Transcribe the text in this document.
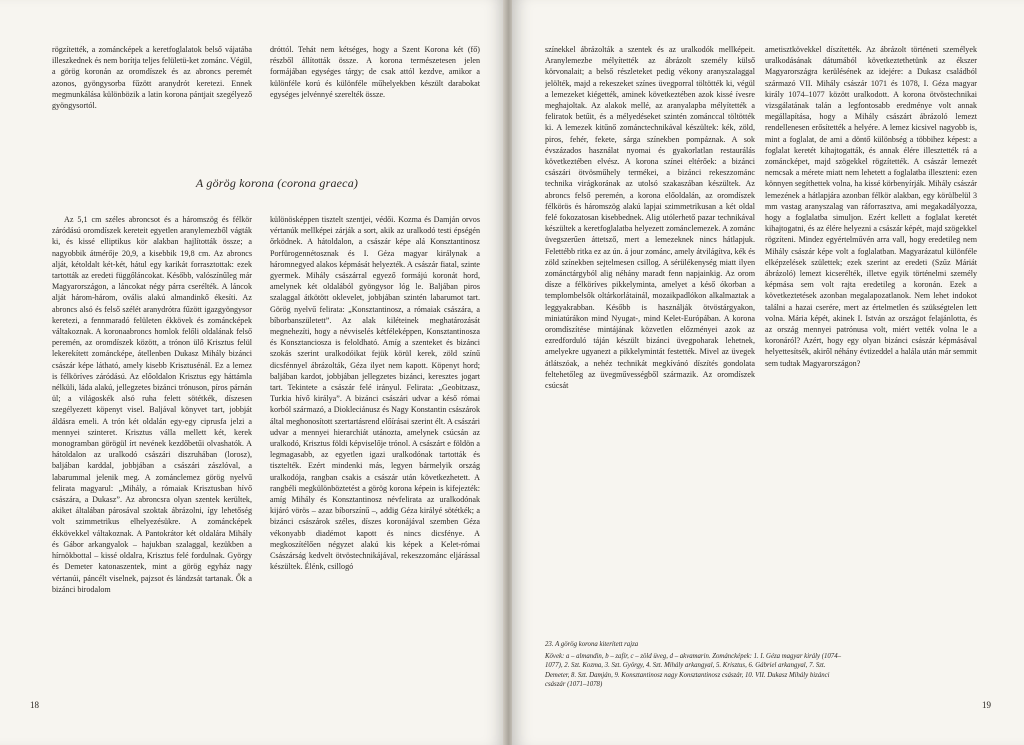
rögzítették, a zománcképek a keretfoglalatok belső vájatába illeszkednek és nem borítja teljes felületü-ket zománc. Végül, a görög koronán az oromdíszek és az abroncs peremét azonos, gyöngysorba fűzött aranydrót keretezi. Ennek megmunkálása különbözik a latin korona pántjait szegélyező gyöngysortól.

dróttól. Tehát nem kétséges, hogy a Szent Korona két (fő) részből állították össze. A korona természetesen jelen formájában egységes tárgy; de csak attól kezdve, amikor a különféle korú és különféle műhelyekben készült darabokat egységes jelvénnyé szerelték össze.

A görög korona (corona graeca)

Az 5,1 cm széles abroncsot és a háromszög és félkör záródású oromdíszek kereteit egyetlen aranylemezből vágták ki, és kissé elliptikus kör alakban hajlították össze; a nagyobbik átmérője 20,9, a kisebbik 19,8 cm. Az abroncs alját, kétoldalt két-két, hátul egy karikát forrasztottak: ezek tartották az eredeti függőláncokat. Később, valószínűleg már Magyarországon, a láncokat négy párra cserélték. A láncok alját három-három, ovális alakú almandinkő ékesíti. Az abroncs alsó és felső szélét aranydrótra fűzött igazgyöngysor keretezi, a fennmaradó felületen ékkövek és zománcképek váltakoznak. A koronaabroncs homlok felőli oldalának felső peremén, az oromdíszek között, a trónon ülő Krisztus felül lekerekített zománcképe, átellenben Dukasz Mihály bizánci császár képe látható, amely kisebb Krisztusénál. Ez a lemez is félköríves záródású. Az előoldalon Krisztus egy háttámla nélküli, láda alakú, jellegzetes bizánci trónuson, píros párnán ül; a világoskék alsó ruha felett sötétkék, díszesen szegélyezett köpenyt visel. Baljával könyvet tart, jobbját áldásra emeli. A trón két oldalán egy-egy ciprusfa jelzi a mennyei szinteret. Krisztus válla mellett két, kerek monogramban görögül írt nevének kezdőbetűi olvashatók. A hátoldalon az uralkodó császári diszruhában (lorosz), baljában karddal, jobbjában a császári zászlóval, a labarummal jelenik meg. A zománclemez görög nyelvű felirata magyarul: „Mihály, a rómaiak Krisztusban hívő császára, a Dukasz”. Az abroncsra olyan szentek kerültek, akiket általában párosával szoktak ábrázolni, így lehetőség volt szimmetrikus elhelyezésükre. A zománcképek ékkövekkel váltakoznak. A Pantokrátor két oldalára Mihály és Gábor arkangyalok – hajukban szalaggal, kezükben a hírnökbottal – kissé oldalra, Krisztus felé fordulnak. György és Demeter katonaszentek, mint a görög egyház nagy vértanúi, páncélt viselnek, pajzsot és lándzsát tartanak. Ők a bizánci birodalom

különösképpen tisztelt szentjei, védői. Kozma és Damján orvos vértanúk mellképei zárják a sort, akik az uralkodó testi épségén őrködnek. A hátoldalon, a császár képe alá Konsztantinosz Porfürogennétosznak és I. Géza magyar királynak a háromnegyed alakos képmását helyezték. A császár fiatal, szinte gyermek. Mihály császárral egyező formájú koronát hord, amelynek két oldalából gyöngysor lóg le. Baljában piros szalaggal átkötött oklevelet, jobbjában szintén labarumot tart. Görög nyelvű felirata: „Konsztantinosz, a rómaiak császára, a bíborbanszületett”. Az alak kiléteinek meghatározását megnehezíti, hogy a névviselés kétféleképpen, Konsztantinosza és Konsztanciosza is feloldható. Amíg a szenteket és bizánci szokás szerint uralkodóikat fejük körül kerek, zöld színű dicsfénnyel ábrázolták, Géza ilyet nem kapott. Köpenyt hord; baljában kardot, jobbjában jellegzetes bizánci, keresztes jogart tart. Tekintete a császár felé irányul. Felirata: „Geobitzasz, Turkia hívő királya”. A bizánci császári udvar a késő római korból származó, a Diokleciánusz és Nagy Konstantin császárok által meghonosított szertartásrend előírásai szerint élt. A császári udvar a mennyei hierarchiát utánozta, amelynek csúcsán az uralkodó, Krisztus földi képviselője trónol. A császárt e földön a legmagasabb, az egyetlen igazi uralkodónak tartották és tisztelték. Ezért mindenki más, legyen bármelyik ország uralkodója, rangban csakis a császár után következhetett. A rangbéli megkülönböztetést a görög korona képein is kifejezték: amíg Mihály és Konsztantinosz névfelirata az uralkodónak kijáró vörös – azaz bíborszínű –, addig Géza királyé sötétkék; a bizánci császárok széles, díszes koronájával szemben Géza vékonyabb diadémot kapott és nincs dicsfénye. A megkoszítélően négyzet alakú kis képek a Kelet-római Császárság kedvelt ötvöstechnikájával, rekeszzománc eljárással készültek. Élénk, csillogó

18

színekkel ábrázolták a szentek és az uralkodók mellképeit. Aranylemezbe mélyítették az ábrázolt személy külső körvonalait; a belső részleteket pedig vékony aranyszalaggal jelölték, majd a rekeszeket színes üvegporral töltötték ki, végül a lemezeket kiégették, aminek következtében azok kissé ívesre meghajoltak. Az alakok mellé, az aranyalapba mélyítették a feliratok betűit, és a mélyedéseket szintén zománccal töltötték ki. A lemezek kitűnő zománctechnikával készültek: kék, zöld, piros, fehér, fekete, sárga színekben pompáznak. A sok évszázados használat nyomai és gyakorlatlan restaurálás következtében elvész. A korona színei eltérőek: a bizánci császári ötvösműhely termékei, a bizánci rekeszzománc technika virágkorának az utolsó szakaszában készültek. Az abroncs felső peremén, a korona előoldalán, az oromdíszek félkörös és háromszög alakú lapjai szimmetrikusan a két oldal felé fokozatosan kisebbednek. Alig utólerhető pazar technikával készültek a keretfoglalatba helyezett zománclemezek. A zománc üvegszerűen áttetsző, mert a lemezeknek nincs hátlapjuk. Felettébb ritka ez az ún. á jour zománc, amely átvilágítva, kék és zöld színekben sejtelmesen csillog. A sérülékenység miatt ilyen zománctárgyból alig néhány maradt fenn napjainkig. Az orom dísze a félköríves pikkelyminta, amelyet a késő ókorban a templombelsők oltárkorlátainál, mozaikpadlókon alkalmaztak a leggyakrabban. Később is használják ötvöstárgyakon, miniatúrákon mind Nyugat-, mind Kelet-Európában. A korona oromdíszítése mintájának közvetlen előzményei azok az ezredforduló táján készült bizánci üvegpoharak lehetnek, amelyekre ugyanezt a pikkelymintát festették. Mivel az üvegek átlátszóak, a nehéz technikát megkívánó díszítés gondolata feltehetőleg az üvegművességből származik. Az oromdíszek csúcsát

ametisztkövekkel díszítették. Az ábrázolt történeti személyek uralkodásának dátumából következtethetünk az ékszer Magyarországra kerülésének az idejére: a Dukasz családból származó VII. Mihály császár 1071 és 1078, I. Géza magyar király 1074–1077 között uralkodott. A korona ötvöstechnikai vizsgálatának talán a legfontosabb eredménye volt annak megállapítása, hogy a Mihály császárt ábrázoló lemezt rendellenesen erősítették a helyére. A lemez kicsivel nagyobb is, mint a foglalat, de ami a döntő különbség a többihez képest: a foglalat keretét kihajtogatták, és annak élére illesztették rá a zománcképet, majd szögekkel rögzítették. A császár lemezét nemcsak a mérete miatt nem lehetett a foglalatba illeszteni: ezen könnyen segíthettek volna, ha kissé körbenyírják. Mihály császár lemezének a hátlapjára azonban félkör alakban, egy körülbelül 3 mm vastag aranyszalag van ráforrasztva, ami megakadályozza, hogy a foglalatba simuljon. Ezért kellett a foglalat keretét kihajtogatni, és az élére helyezni a császár képét, majd szögekkel rögzíteni. Mindez egyértelművén arra vall, hogy eredetileg nem Mihály császár képe volt a foglalatban. Magyarázatul különféle elképzelések születtek; ezek szerint az eredeti (Szűz Máriát ábrázoló) lemezt kicserélték, illetve egyik történelmi személy képmása sem volt rajta eredetileg a koronán. Ezek a következtetések azonban megalapozatlanok. Nem lehet indokot találni a hazai cserére, mert az értelmetlen és szükségtelen lett volna. Mária képét, akinek I. István az országot felajánlotta, és az ország mennyei patrónusa volt, miért vették volna le a koronáról? Azért, hogy egy olyan bizánci császár képmásával helyettesítsék, akiről néhány évtizeddel a halála után már semmit sem tudtak Magyarországon?

19
23. A görög korona kiterített rajza
Kövek: a – almandin, b – zafír, c – zöld üveg, d – akvamarin. Zománcképek: 1. I. Géza magyar király (1074–1077), 2. Szt. Kozma, 3. Szt. György, 4. Szt. Mihály arkangyal, 5. Krisztus, 6. Gábriel arkangyal, 7. Szt. Demeter, 8. Szt. Damján, 9. Konsztantinosz nagy Konsztantinosz császár, 10. VII. Dukasz Mihály bizánci császár (1071–1078)
